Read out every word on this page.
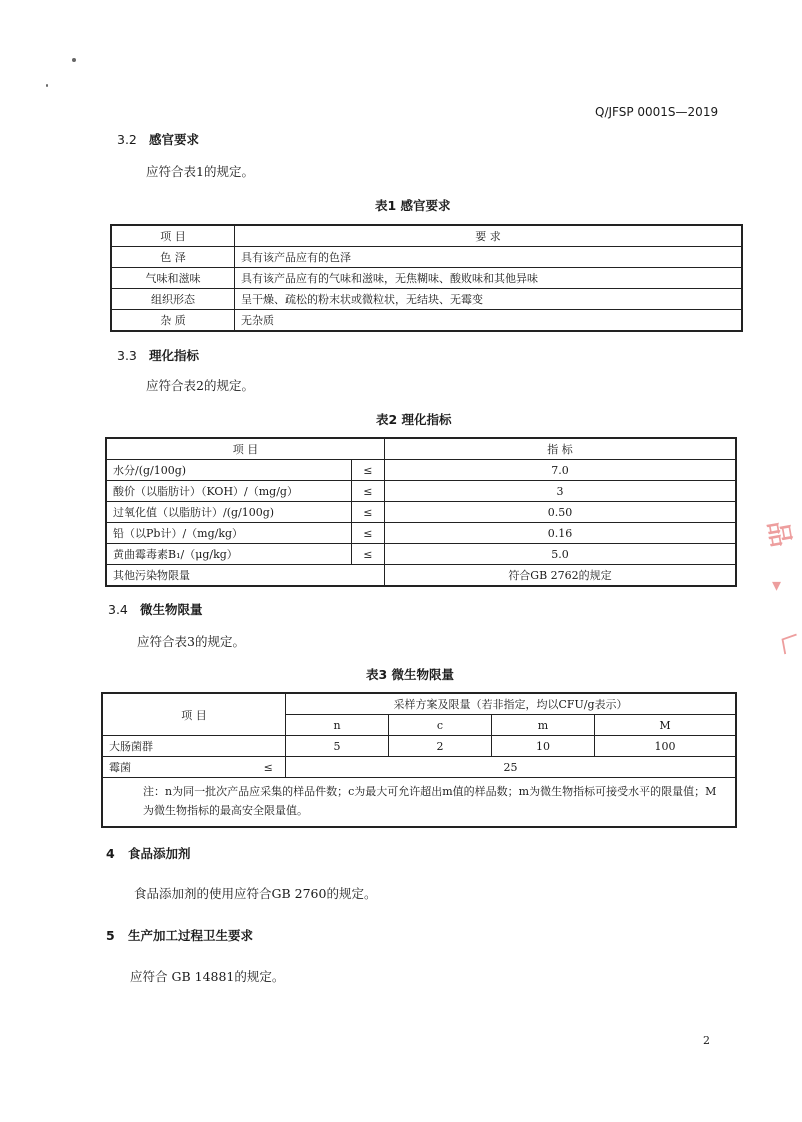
品
▾
〈
Q/JFSP 0001S—2019
3.2 感官要求
应符合表1的规定。
表1 感官要求
项 目	要 求
色 泽	具有该产品应有的色泽
气味和滋味	具有该产品应有的气味和滋味，无焦糊味、酸败味和其他异味
组织形态	呈干燥、疏松的粉末状或微粒状，无结块、无霉变
杂 质	无杂质
3.3 理化指标
应符合表2的规定。
表2 理化指标
项 目		指 标
水分/(g/100g)	≤	7.0
酸价（以脂肪计）（KOH）/（mg/g）	≤	3
过氧化值（以脂肪计）/(g/100g)	≤	0.50
铅（以Pb计）/（mg/kg）	≤	0.16
黄曲霉毒素B₁/（μg/kg）	≤	5.0
其他污染物限量		符合GB 2762的规定
3.4 微生物限量
应符合表3的规定。
表3 微生物限量
项 目		采样方案及限量（若非指定，均以CFU/g表示）			
		n	c	m	M
大肠菌群		5	2	10	100
霉菌	≤	25			
注：n为同一批次产品应采集的样品件数；c为最大可允许超出m值的样品数；m为微生物指标可接受水平的限量值；M为微生物指标的最高安全限量值。					
4 食品添加剂
食品添加剂的使用应符合GB 2760的规定。
5 生产加工过程卫生要求
应符合 GB 14881的规定。
2
